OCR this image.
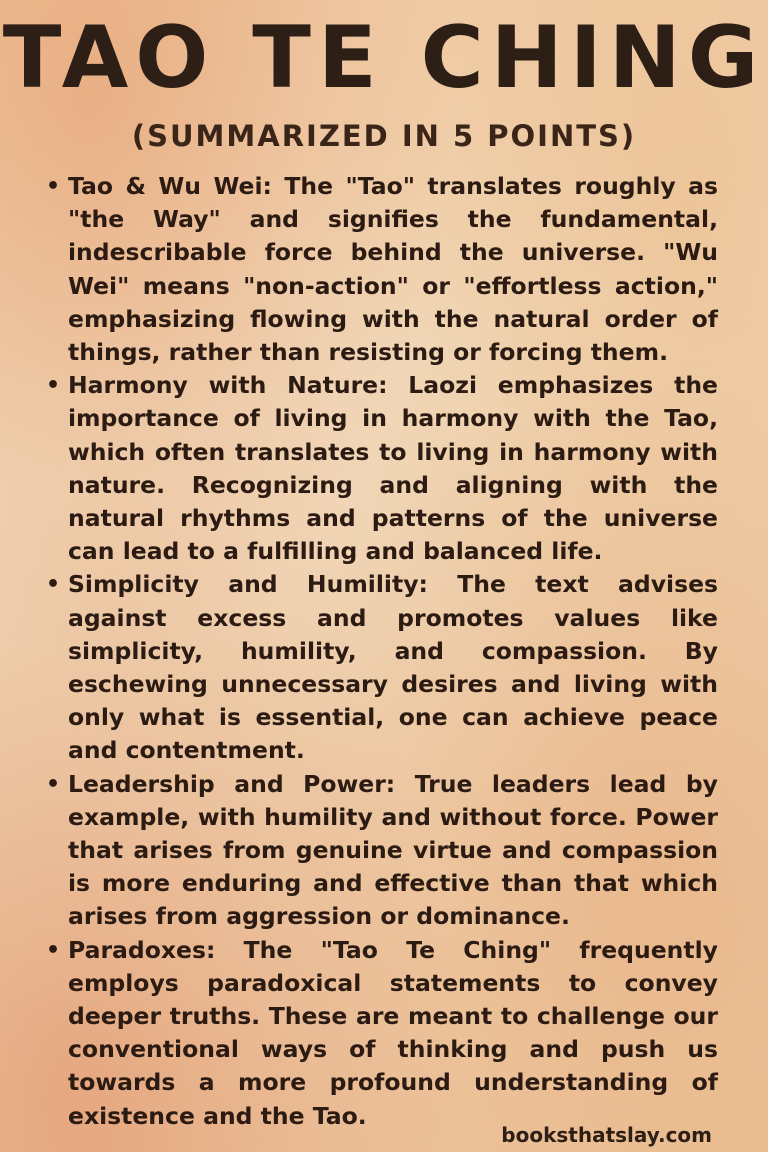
TAO TE CHING
(SUMMARIZED IN 5 POINTS)
• Tao & Wu Wei: The "Tao" translates roughly as "the Way" and signifies the fundamental, indescribable force behind the universe. "Wu Wei" means "non-action" or "effortless action," emphasizing flowing with the natural order of things, rather than resisting or forcing them.
• Harmony with Nature: Laozi emphasizes the importance of living in harmony with the Tao, which often translates to living in harmony with nature. Recognizing and aligning with the natural rhythms and patterns of the universe can lead to a fulfilling and balanced life.
• Simplicity and Humility: The text advises against excess and promotes values like simplicity, humility, and compassion. By eschewing unnecessary desires and living with only what is essential, one can achieve peace and contentment.
• Leadership and Power: True leaders lead by example, with humility and without force. Power that arises from genuine virtue and compassion is more enduring and effective than that which arises from aggression or dominance.
• Paradoxes: The "Tao Te Ching" frequently employs paradoxical statements to convey deeper truths. These are meant to challenge our conventional ways of thinking and push us towards a more profound understanding of existence and the Tao.
booksthatslay.com
